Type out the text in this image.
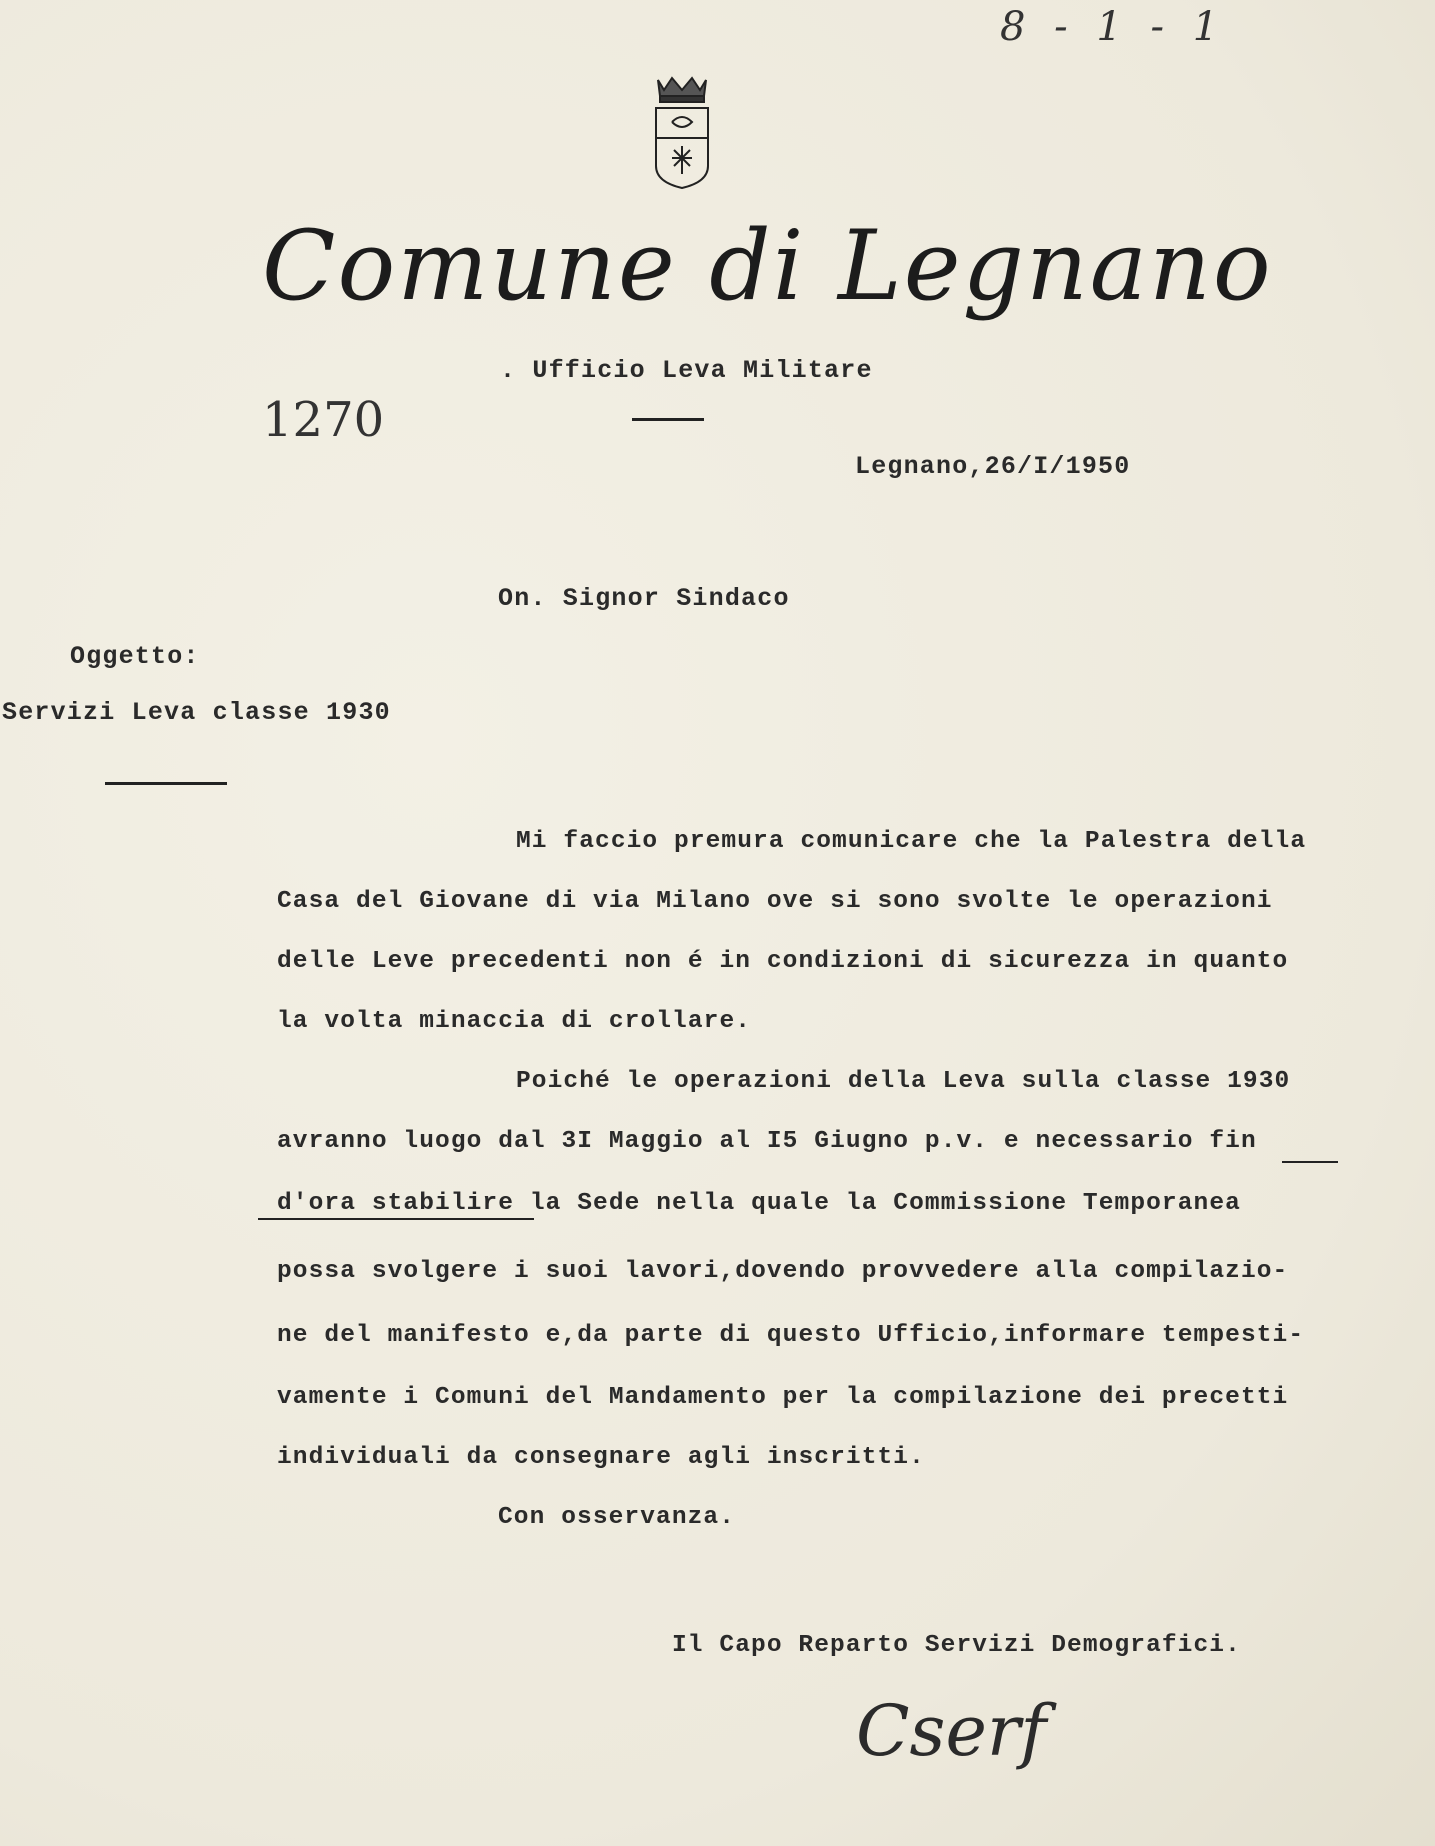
8 - 1 - 1
Comune di Legnano
. Ufficio Leva Militare
1270
Legnano,26/I/1950
On. Signor Sindaco
Oggetto:
Servizi Leva classe 1930
Mi faccio premura comunicare che la Palestra della
Casa del Giovane di via Milano ove si sono svolte le operazioni
delle Leve precedenti non é in condizioni di sicurezza in quanto
la volta minaccia di crollare.
Poiché le operazioni della Leva sulla classe 1930
avranno luogo dal 3I Maggio al I5 Giugno p.v. e necessario fin
d'ora stabilire la Sede nella quale la Commissione Temporanea
possa svolgere i suoi lavori,dovendo provvedere alla compilazio-
ne del manifesto e,da parte di questo Ufficio,informare tempesti-
vamente i Comuni del Mandamento per la compilazione dei precetti
individuali da consegnare agli inscritti.
Con osservanza.
Il Capo Reparto Servizi Demografici.
Cserf
